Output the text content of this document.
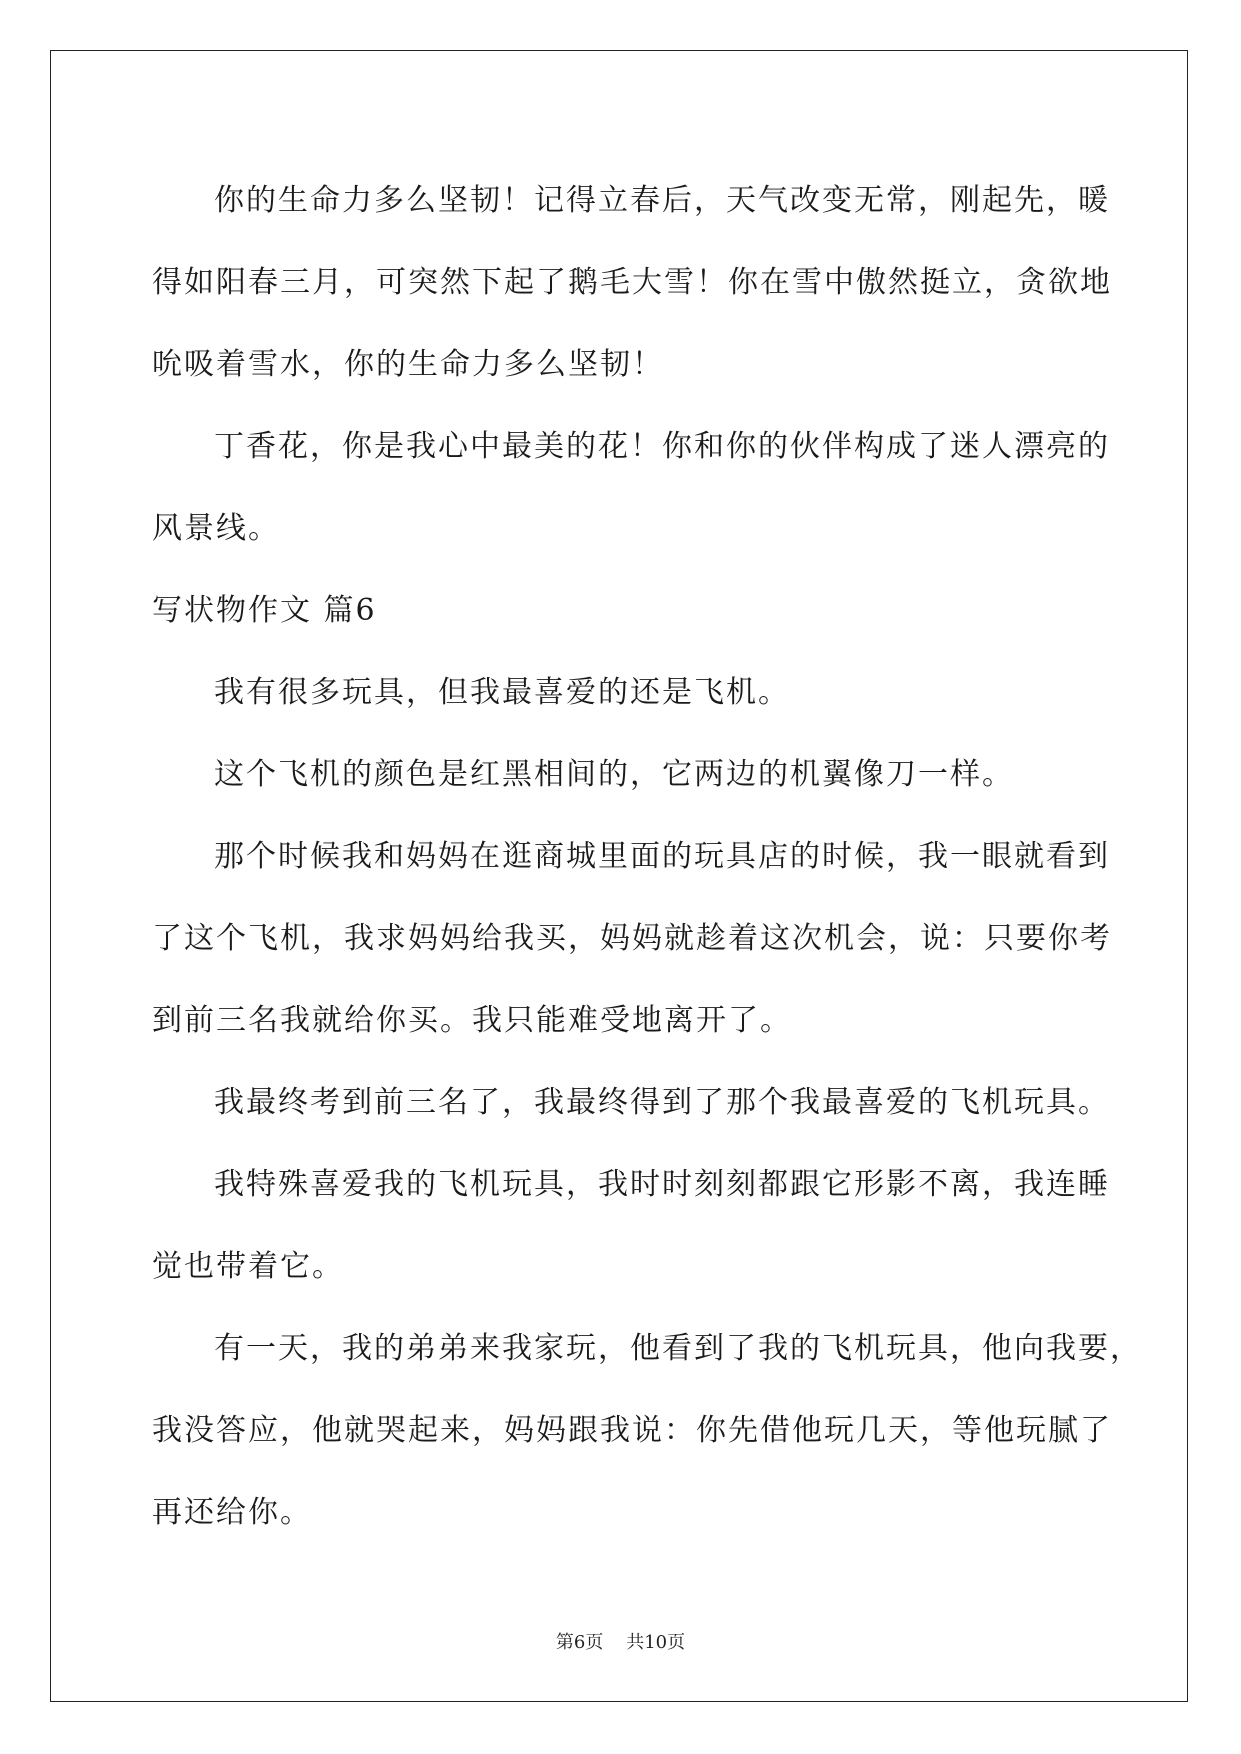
你的生命力多么坚韧！记得立春后，天气改变无常，刚起先，暖
得如阳春三月，可突然下起了鹅毛大雪！你在雪中傲然挺立，贪欲地
吮吸着雪水，你的生命力多么坚韧！
丁香花，你是我心中最美的花！你和你的伙伴构成了迷人漂亮的
风景线。
写状物作文 篇6
我有很多玩具，但我最喜爱的还是飞机。
这个飞机的颜色是红黑相间的，它两边的机翼像刀一样。
那个时候我和妈妈在逛商城里面的玩具店的时候，我一眼就看到
了这个飞机，我求妈妈给我买，妈妈就趁着这次机会，说：只要你考
到前三名我就给你买。我只能难受地离开了。
我最终考到前三名了，我最终得到了那个我最喜爱的飞机玩具。
我特殊喜爱我的飞机玩具，我时时刻刻都跟它形影不离，我连睡
觉也带着它。
有一天，我的弟弟来我家玩，他看到了我的飞机玩具，他向我要，
我没答应，他就哭起来，妈妈跟我说：你先借他玩几天，等他玩腻了
再还给你。
第6页    共10页
